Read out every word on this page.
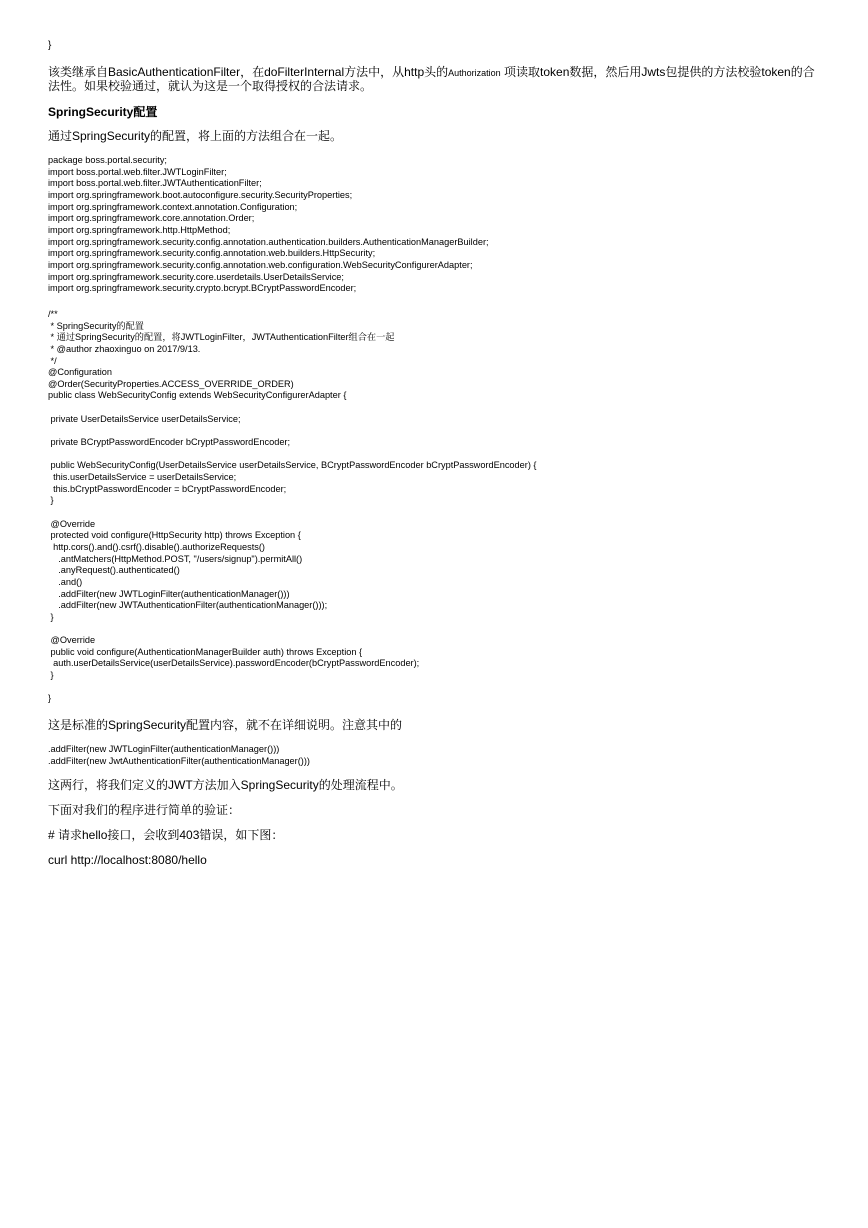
}

该类继承自BasicAuthenticationFilter，在doFilterInternal方法中，从http头的Authorization 项读取token数据，然后用Jwts包提供的方法校验token的合法性。如果校验通过，就认为这是一个取得授权的合法请求。

SpringSecurity配置

通过SpringSecurity的配置，将上面的方法组合在一起。

package boss.portal.security;
import boss.portal.web.filter.JWTLoginFilter;
import boss.portal.web.filter.JWTAuthenticationFilter;
import org.springframework.boot.autoconfigure.security.SecurityProperties;
import org.springframework.context.annotation.Configuration;
import org.springframework.core.annotation.Order;
import org.springframework.http.HttpMethod;
import org.springframework.security.config.annotation.authentication.builders.AuthenticationManagerBuilder;
import org.springframework.security.config.annotation.web.builders.HttpSecurity;
import org.springframework.security.config.annotation.web.configuration.WebSecurityConfigurerAdapter;
import org.springframework.security.core.userdetails.UserDetailsService;
import org.springframework.security.crypto.bcrypt.BCryptPasswordEncoder;
/**
* SpringSecurity的配置
* 通过SpringSecurity的配置，将JWTLoginFilter，JWTAuthenticationFilter组合在一起
* @author zhaoxinguo on 2017/9/13.
*/
@Configuration
@Order(SecurityProperties.ACCESS_OVERRIDE_ORDER)
public class WebSecurityConfig extends WebSecurityConfigurerAdapter {
private UserDetailsService userDetailsService;
private BCryptPasswordEncoder bCryptPasswordEncoder;
public WebSecurityConfig(UserDetailsService userDetailsService, BCryptPasswordEncoder bCryptPasswordEncoder) {
this.userDetailsService = userDetailsService;
this.bCryptPasswordEncoder = bCryptPasswordEncoder;
}
@Override
protected void configure(HttpSecurity http) throws Exception {
http.cors().and().csrf().disable().authorizeRequests()
.antMatchers(HttpMethod.POST, "/users/signup").permitAll()
.anyRequest().authenticated()
.and()
.addFilter(new JWTLoginFilter(authenticationManager()))
.addFilter(new JWTAuthenticationFilter(authenticationManager()));
}
@Override
public void configure(AuthenticationManagerBuilder auth) throws Exception {
auth.userDetailsService(userDetailsService).passwordEncoder(bCryptPasswordEncoder);
}
}

这是标准的SpringSecurity配置内容，就不在详细说明。注意其中的

.addFilter(new JWTLoginFilter(authenticationManager()))
.addFilter(new JwtAuthenticationFilter(authenticationManager()))

这两行，将我们定义的JWT方法加入SpringSecurity的处理流程中。

下面对我们的程序进行简单的验证：

# 请求hello接口，会收到403错误，如下图：

curl http://localhost:8080/hello
